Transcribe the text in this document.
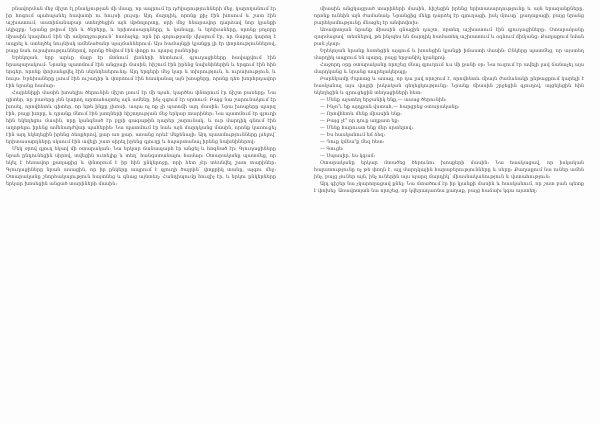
բնավորման մեջ միշտ էլ բնակչության մի մասը, որ ապրում էր դժվարությունների մեջ, կարողանում էր իր հոգում պահպանել հավատի ու հույսի լույսը։ Այդ մարդիկ, որոնք քիչ էին խոսում և շատ էին աշխատում, աստիճանաբար ստեղծեցին այն մթնոլորտը, որի մեջ հնարավոր դարձավ նոր կյանքի սկիզբը։ Նրանց թվում էին և ծերերը, և երիտասարդները, և կանայք, և երեխաները, որոնք բոլորը միասին կազմում էին մի ամբողջություն՝ համայնք, որն իր գոյությամբ վկայում էր, որ մարդը կարող է ապրել և ստեղծել նույնիսկ ամենածանր պայմաններում։ Այս համայնքի կյանքը լի էր փորձություններով, բայց նաև ուրախություններով, որոնք ծնվում էին փոքր ու պարզ բաներից։

Երեկոյան, երբ արևը մայր էր մտնում լեռների հետևում, գյուղացիները հավաքվում էին հրապարակում։ Նրանք պատմում էին անցյալի մասին, հիշում էին իրենց նախնիներին և երգում էին հին երգեր, որոնք փոխանցվել էին սերնդեսերունդ։ Այդ երգերի մեջ կար և տխրություն, և ուրախություն, և հույս։ Երեխաները լսում էին ուշադիր և փորձում էին հասկանալ այն խոսքերը, որոնք դեռ խորհրդավոր էին նրանց համար։

Հայրենիքի մասին խոսելիս ծերունին միշտ լռում էր մի պահ, կարծես փնտրում էր ճիշտ բառերը։ Նա գիտեր, որ բառերը չեն կարող արտահայտել այն ամենը, ինչ զգում էր սրտում։ Բայց նա շարունակում էր խոսել, որովհետև գիտեր, որ եթե ինքը չխոսի, ապա ոչ ոք չի պատմի այդ մասին։ Նրա խոսքերը պարզ էին, բայց խորը, և դրանք մնում էին լսողների հիշողության մեջ երկար տարիներ։ Նա պատմում էր գյուղի հին եկեղեցու մասին, որը կանգնած էր բլրի գագաթին դարեր շարունակ, և ուր մարդիկ գնում էին աղոթելու իրենց ամենադժվար պահերին։ Նա պատմում էր նաև այն մարդկանց մասին, որոնք կառուցել էին այդ եկեղեցին իրենց ձեռքերով, քար առ քար, առանց որևէ մեքենայի։ Այդ պատմությունները լսելով՝ երիտասարդները սկսում էին ավելի շատ սիրել իրենց գյուղը և հպարտանալ իրենց նախնիներով։

Մեկ օրով գյուղ եկավ մի օտարական։ Նա երկար ճանապարհ էր անցել և հոգնած էր։ Գյուղացիները նրան ընդունեցին սիրով, տվեցին ուտելիք և տեղ՝ հանգստանալու համար։ Օտարականը պատմեց, որ եկել է հեռավոր քաղաքից և փնտրում է իր հին ընկերոջը, որի հետ չէր տեսնվել շատ տարիներ։ Գյուղացիները նրան ասացին, որ իր ընկերը ապրում է գյուղի ծայրին՝ փոքրիկ տանը, այգու մեջ։ Օտարականը շնորհակալություն հայտնեց և գնաց այնտեղ։ Հանդիպումը հուզիչ էր, և երկու ընկերները երկար խոսեցին անցած տարիների մասին։

միասին անցկացրած տարիների մասին, հիշեցին իրենց երիտասարդությունը և այն երազանքները, որոնք ունեին այն ժամանակ։ Նրանցից մեկը դարձել էր գյուղացի, իսկ մյուսը՝ քաղաքացի, բայց նրանց բարեկամությունը մնացել էր անփոփոխ։

Առավոտյան նրանք միասին գնացին դաշտ, որտեղ աշխատում էին գյուղացիները։ Օտարականը զարմացավ՝ տեսնելով, թե ինչպես են մարդիկ համատեղ աշխատում և օգնում միմյանց։ Քաղաքում նման բան չկար։

Երեկոյան նրանք նստեցին այգում և խոսեցին կյանքի իմաստի մասին։ Ընկերը պատմեց, որ այստեղ մարդիկ ապրում են պարզ, բայց երջանիկ կյանքով։

Հաջորդ օրը օտարականը որոշեց մնալ գյուղում ևս մի քանի օր։ Նա ուզում էր ավելի լավ ճանաչել այս մարդկանց և նրանց ապրելակերպը։

Բարեկամը ժպտաց և ասաց, որ դա լավ որոշում է, որովհետև միայն ժամանակի ընթացքում կարելի է հասկանալ այս վայրի իսկական գեղեցկությունը։ Նրանք միասին շրջեցին գյուղով, այցելեցին հին եկեղեցին և զրուցեցին տեղացիների հետ։

— Մենք այստեղ երջանիկ ենք,— ասաց ծերունին։

— Ինչո՞ւ եք այդքան վստահ,— հարցրեց օտարականը։

— Որովհետև մենք միասին ենք։

— Բայց չէ՞ որ դուք աղքատ եք։

— Մենք հարուստ ենք մեր սրտերով։

— Ես հասկանում եմ ձեզ։

— Դուք կմնա՞ք մեզ հետ։

— Գուցե։

— Սպասիր, ես կգամ։

Օտարականը երկար մտածեց ծերունու խոսքերի մասին։ Նա հասկացավ, որ իսկական հարստությունը ոչ թե փողն է, այլ մարդկային հարաբերությունները և սերը։ Քաղաքում նա ուներ ամեն ինչ, բայց չուներ այն, ինչ ուներին այս պարզ մարդիկ՝ միասնականություն և վստահություն։

Այդ գիշեր նա չկարողացավ քնել։ Նա մտածում էր իր կյանքի մասին և հասկանում, որ շատ բան պետք է փոխել։ Առավոտյան նա որոշեց, որ կվերադառնա քաղաք, բայց հաճախ կգա այստեղ։
